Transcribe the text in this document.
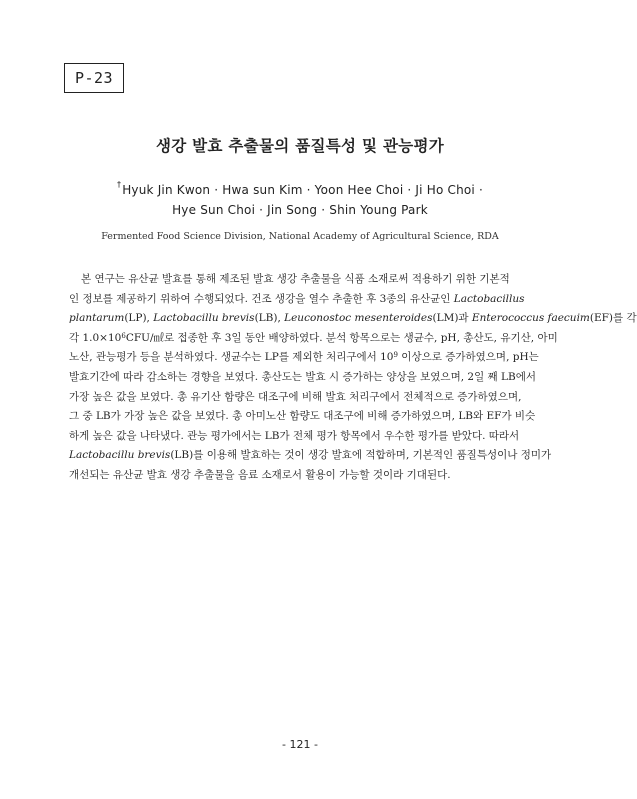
P-23
생강 발효 추출물의 품질특성 및 관능평가
†Hyuk Jin Kwon · Hwa sun Kim · Yoon Hee Choi · Ji Ho Choi ·
Hye Sun Choi · Jin Song · Shin Young Park
Fermented Food Science Division, National Academy of Agricultural Science, RDA
본 연구는 유산균 발효를 통해 제조된 발효 생강 추출물을 식품 소재로써 적용하기 위한 기본적
인 정보를 제공하기 위하여 수행되었다. 건조 생강을 열수 추출한 후 3종의 유산균인 Lactobacillus
plantarum(LP), Lactobacillu brevis(LB), Leuconostoc mesenteroides(LM)과 Enterococcus faecuim(EF)를 각
각 $1.0\times 10^6CFU/㎖$로 접종한 후 3일 동안 배양하였다. 분석 항목으로는 생균수, pH, 총산도, 유기산, 아미
노산, 관능평가 등을 분석하였다. 생균수는 LP를 제외한 처리구에서 $10^9$ 이상으로 증가하였으며, pH는
발효기간에 따라 감소하는 경향을 보였다. 총산도는 발효 시 증가하는 양상을 보였으며, 2일 째 LB에서
가장 높은 값을 보였다. 총 유기산 함량은 대조구에 비해 발효 처리구에서 전체적으로 증가하였으며,
그 중 LB가 가장 높은 값을 보였다. 총 아미노산 함량도 대조구에 비해 증가하였으며, LB와 EF가 비슷
하게 높은 값을 나타냈다. 관능 평가에서는 LB가 전체 평가 항목에서 우수한 평가를 받았다. 따라서
Lactobacillu brevis(LB)를 이용해 발효하는 것이 생강 발효에 적합하며, 기본적인 품질특성이나 정미가
개선되는 유산균 발효 생강 추출물을 음료 소재로서 활용이 가능할 것이라 기대된다.
- 121 -
